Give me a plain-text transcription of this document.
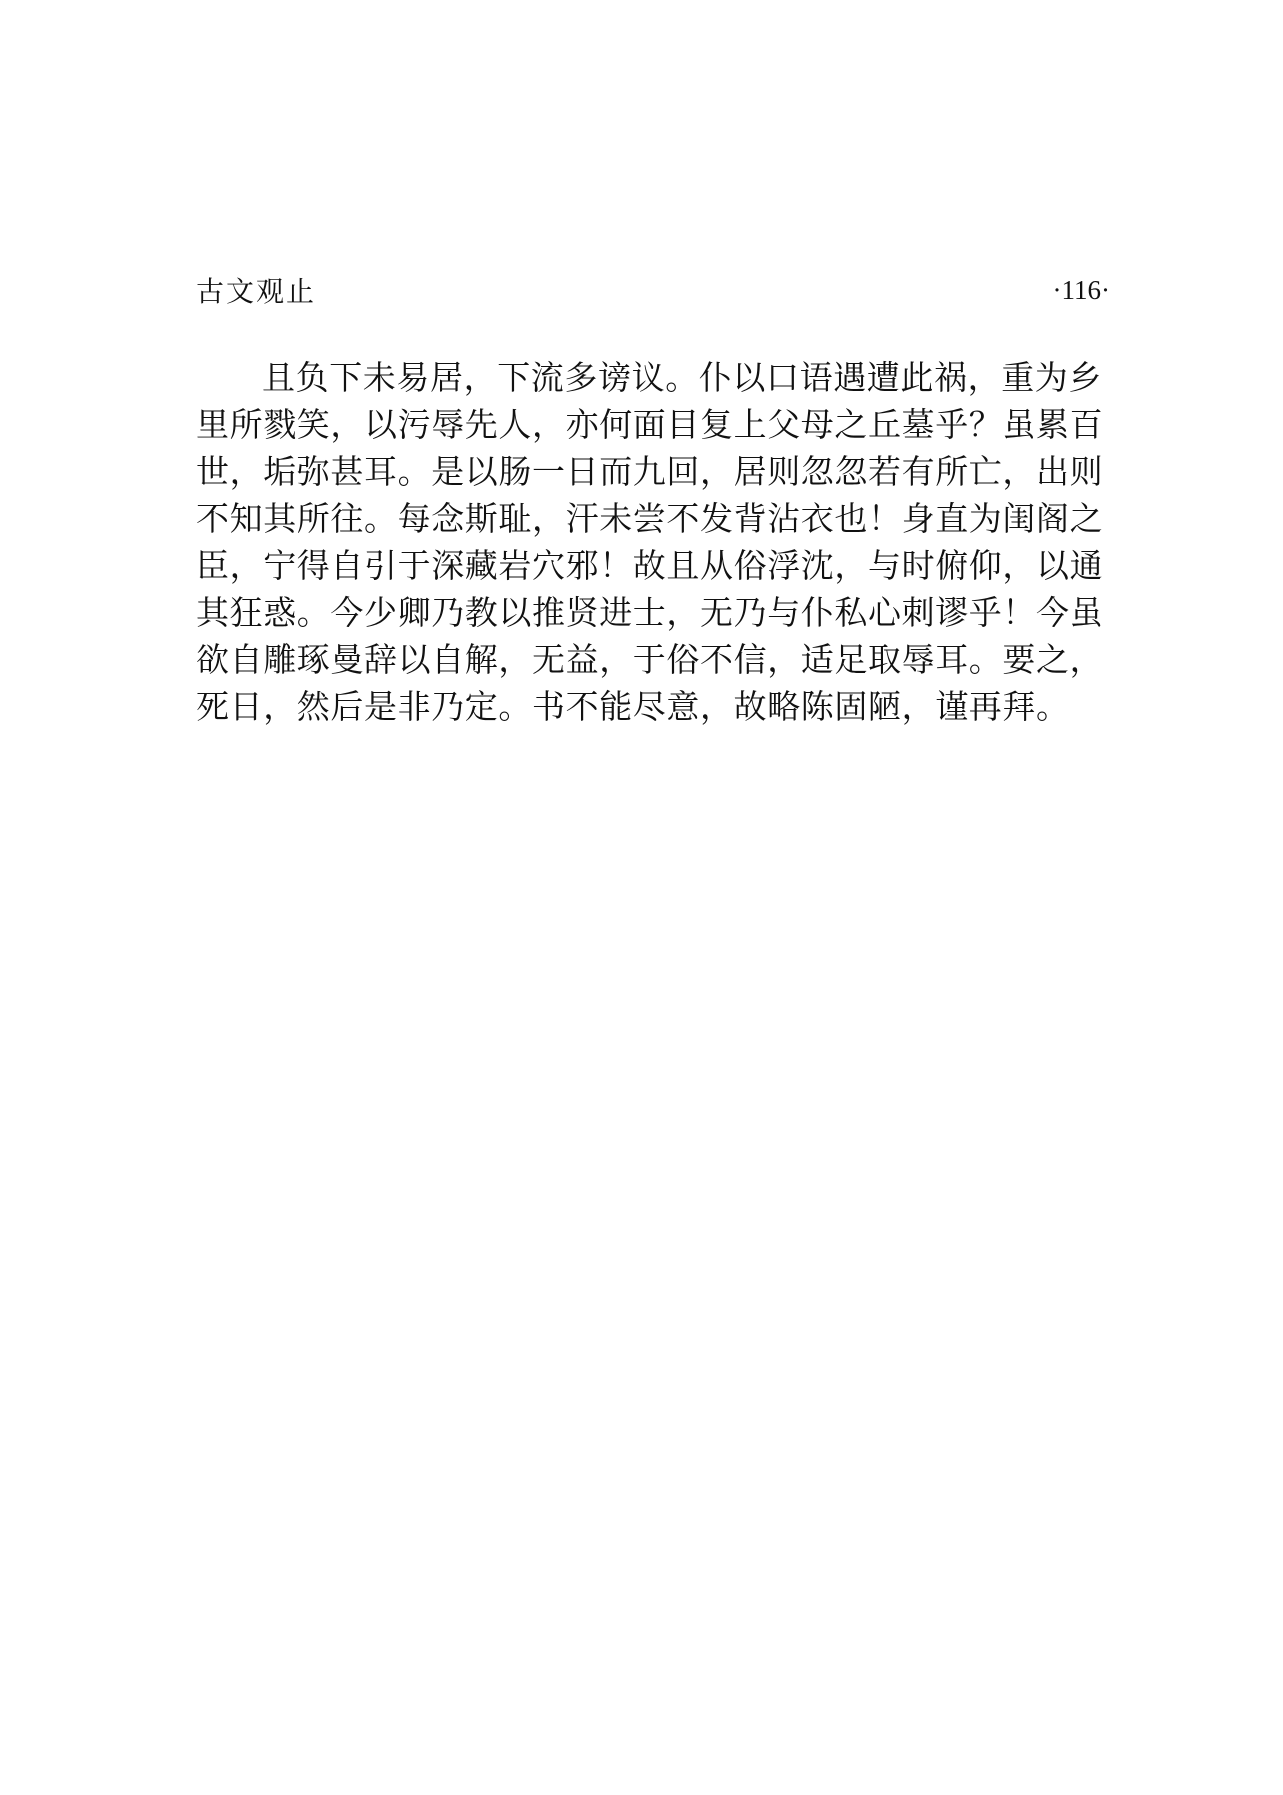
古文观止	·116·
且负下未易居，下流多谤议。仆以口语遇遭此祸，重为乡
里所戮笑，以污辱先人，亦何面目复上父母之丘墓乎？虽累百
世，垢弥甚耳。是以肠一日而九回，居则忽忽若有所亡，出则
不知其所往。每念斯耻，汗未尝不发背沾衣也！身直为闺阁之
臣，宁得自引于深藏岩穴邪！故且从俗浮沈，与时俯仰，以通
其狂惑。今少卿乃教以推贤进士，无乃与仆私心刺谬乎！今虽
欲自雕琢曼辞以自解，无益，于俗不信，适足取辱耳。要之，
死日，然后是非乃定。书不能尽意，故略陈固陋，谨再拜。
